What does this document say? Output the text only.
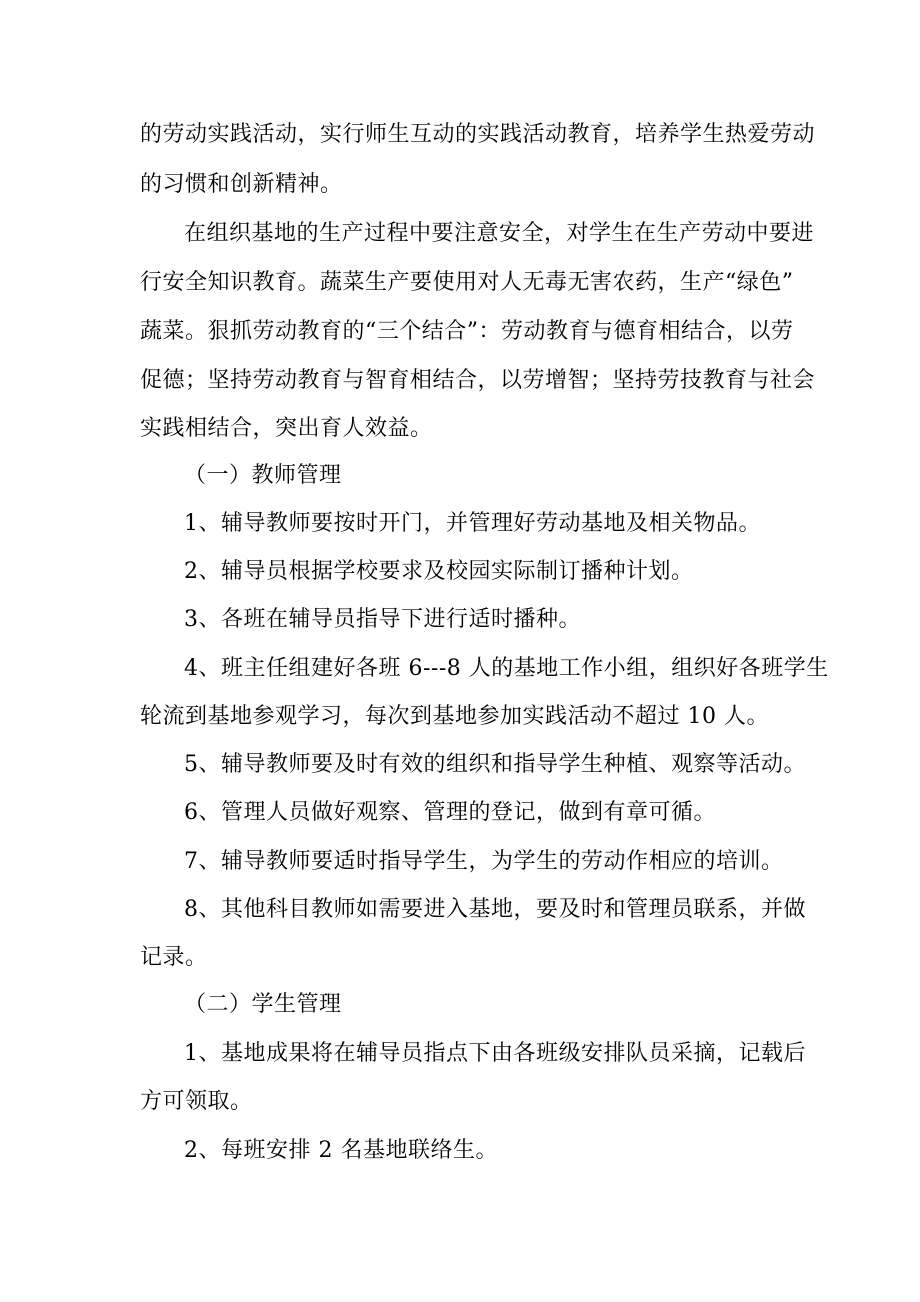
的劳动实践活动，实行师生互动的实践活动教育，培养学生热爱劳动
的习惯和创新精神。
在组织基地的生产过程中要注意安全，对学生在生产劳动中要进
行安全知识教育。蔬菜生产要使用对人无毒无害农药，生产“绿色”
蔬菜。狠抓劳动教育的“三个结合”：劳动教育与德育相结合，以劳
促德；坚持劳动教育与智育相结合，以劳增智；坚持劳技教育与社会
实践相结合，突出育人效益。
（一）教师管理
1、辅导教师要按时开门，并管理好劳动基地及相关物品。
2、辅导员根据学校要求及校园实际制订播种计划。
3、各班在辅导员指导下进行适时播种。
4、班主任组建好各班 6---8 人的基地工作小组，组织好各班学生
轮流到基地参观学习，每次到基地参加实践活动不超过 10 人。
5、辅导教师要及时有效的组织和指导学生种植、观察等活动。
6、管理人员做好观察、管理的登记，做到有章可循。
7、辅导教师要适时指导学生，为学生的劳动作相应的培训。
8、其他科目教师如需要进入基地，要及时和管理员联系，并做
记录。
（二）学生管理
1、基地成果将在辅导员指点下由各班级安排队员采摘，记载后
方可领取。
2、每班安排 2 名基地联络生。
